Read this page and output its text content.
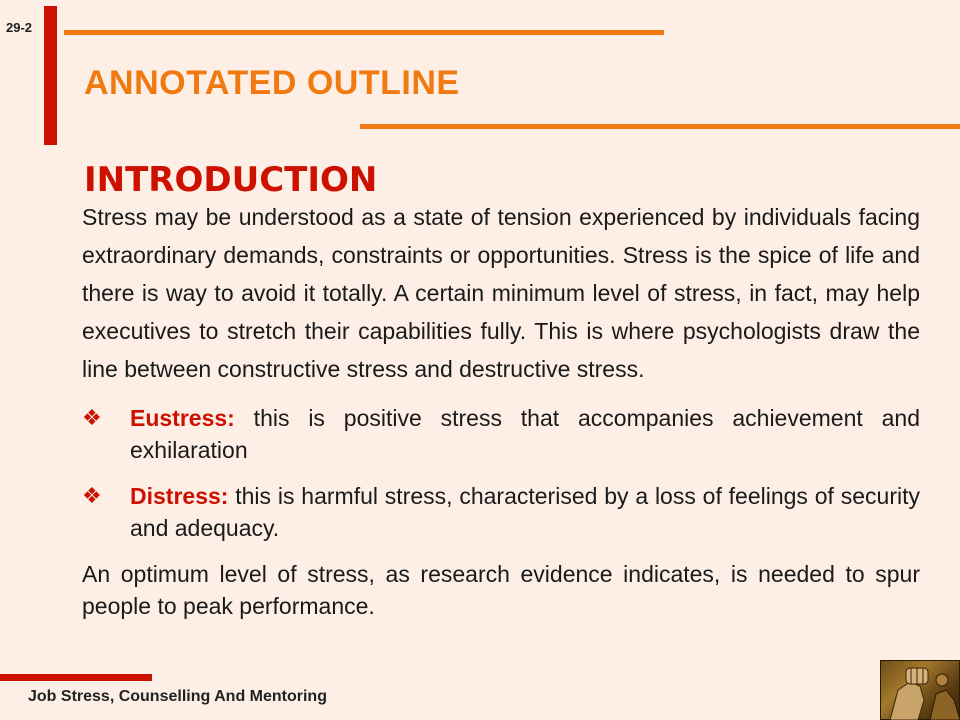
29-2
ANNOTATED OUTLINE
INTRODUCTION

Stress may be understood as a state of tension experienced by individuals facing extraordinary demands, constraints or opportunities. Stress is the spice of life and there is way to avoid it totally. A certain minimum level of stress, in fact, may help executives to stretch their capabilities fully. This is where psychologists draw the line between constructive stress and destructive stress.

❖ Eustress: this is positive stress that accompanies achievement and exhilaration
❖ Distress: this is harmful stress, characterised by a loss of feelings of security and adequacy.

An optimum level of stress, as research evidence indicates, is needed to spur people to peak performance.

Job Stress, Counselling And Mentoring
